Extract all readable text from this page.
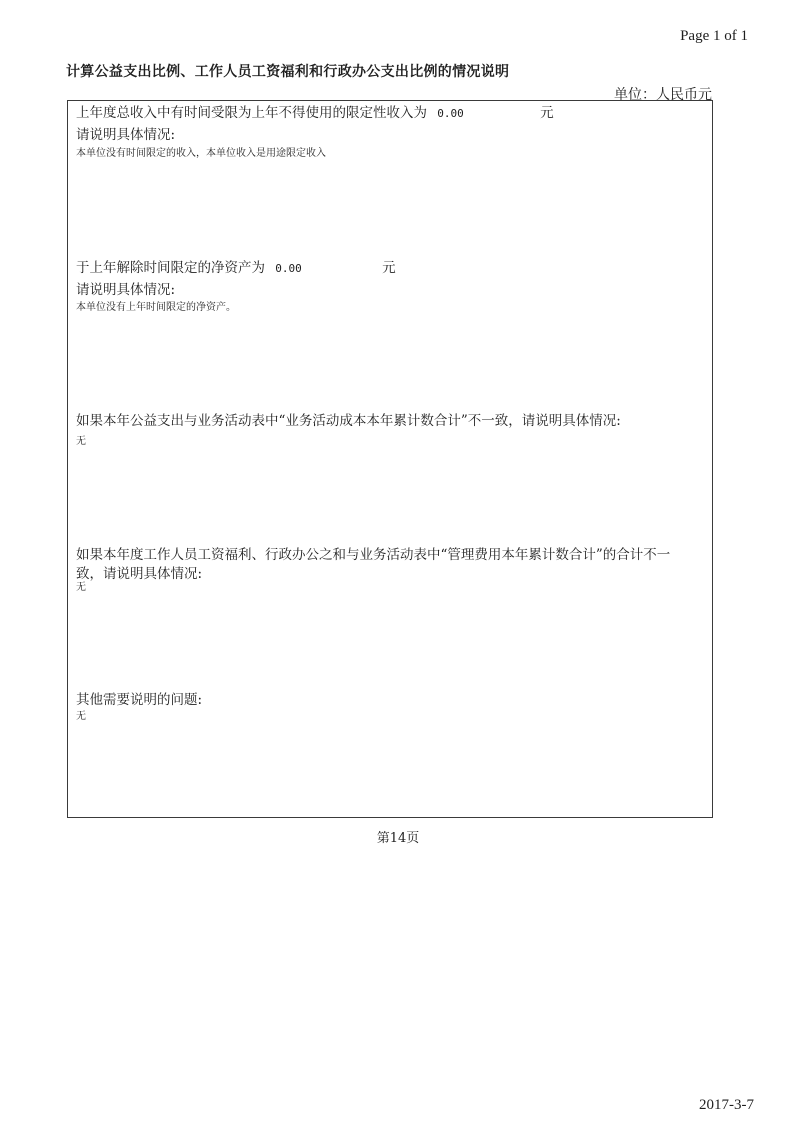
Page 1 of 1
计算公益支出比例、工作人员工资福利和行政办公支出比例的情况说明
单位：人民币元
上年度总收入中有时间受限为上年不得使用的限定性收入为 0.00	元
请说明具体情况:
本单位没有时间限定的收入，本单位收入是用途限定收入
于上年解除时间限定的净资产为 0.00	元
请说明具体情况:
本单位没有上年时间限定的净资产。
如果本年公益支出与业务活动表中“业务活动成本本年累计数合计”不一致，请说明具体情况:
无
如果本年度工作人员工资福利、行政办公之和与业务活动表中“管理费用本年累计数合计”的合计不一
致，请说明具体情况:
无
其他需要说明的问题:
无
第14页
2017-3-7
